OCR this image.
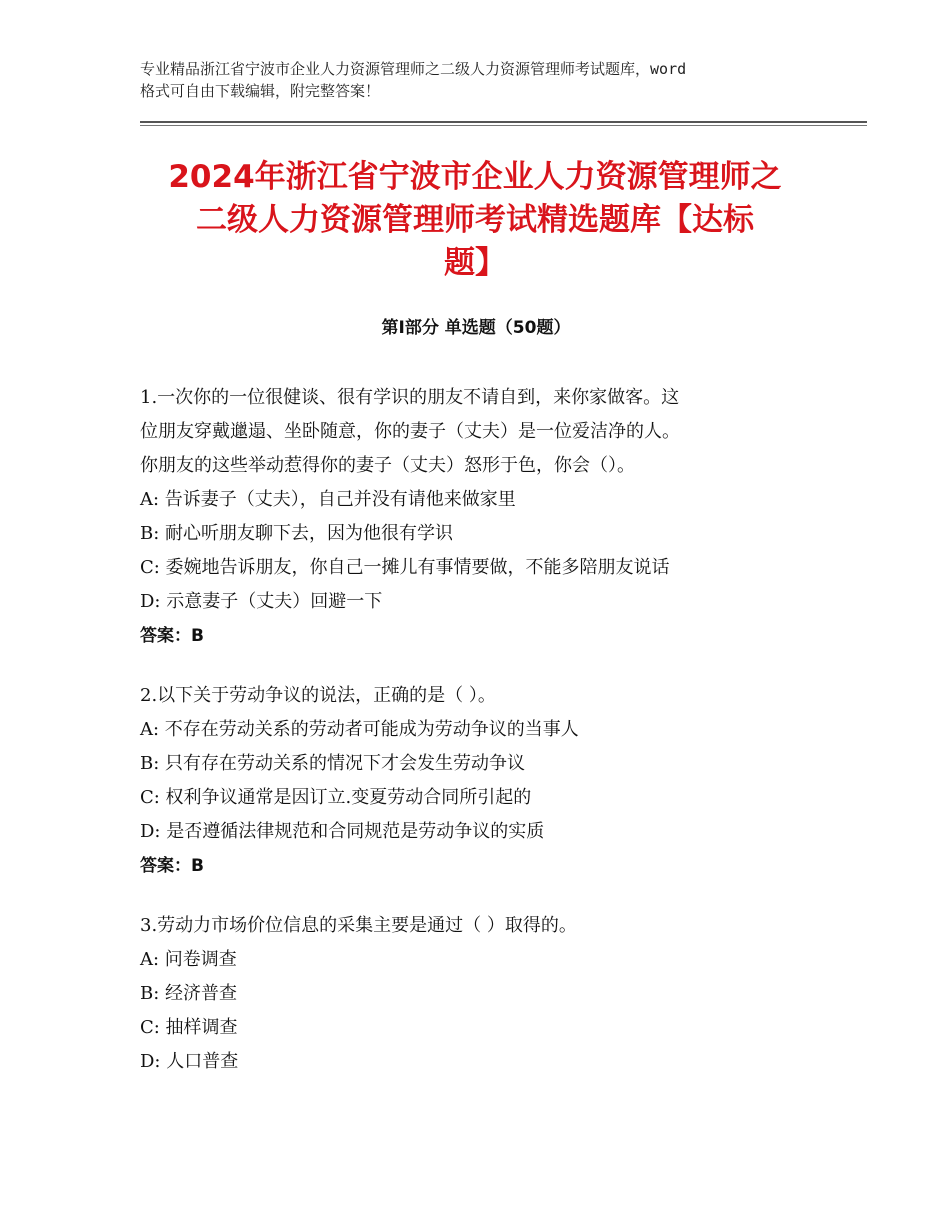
专业精品浙江省宁波市企业人力资源管理师之二级人力资源管理师考试题库，word
格式可自由下载编辑，附完整答案！
2024年浙江省宁波市企业人力资源管理师之
二级人力资源管理师考试精选题库【达标
题】
第Ⅰ部分 单选题（50题）
1.一次你的一位很健谈、很有学识的朋友不请自到，来你家做客。这
位朋友穿戴邋遢、坐卧随意，你的妻子（丈夫）是一位爱洁净的人。
你朋友的这些举动惹得你的妻子（丈夫）怒形于色，你会（）。
A: 告诉妻子（丈夫），自己并没有请他来做家里
B: 耐心听朋友聊下去，因为他很有学识
C: 委婉地告诉朋友，你自己一摊儿有事情要做，不能多陪朋友说话
D: 示意妻子（丈夫）回避一下
答案：B
2.以下关于劳动争议的说法，正确的是（ ）。
A: 不存在劳动关系的劳动者可能成为劳动争议的当事人
B: 只有存在劳动关系的情况下才会发生劳动争议
C: 权利争议通常是因订立.变夏劳动合同所引起的
D: 是否遵循法律规范和合同规范是劳动争议的实质
答案：B
3.劳动力市场价位信息的采集主要是通过（ ）取得的。
A: 问卷调查
B: 经济普查
C: 抽样调查
D: 人口普查
